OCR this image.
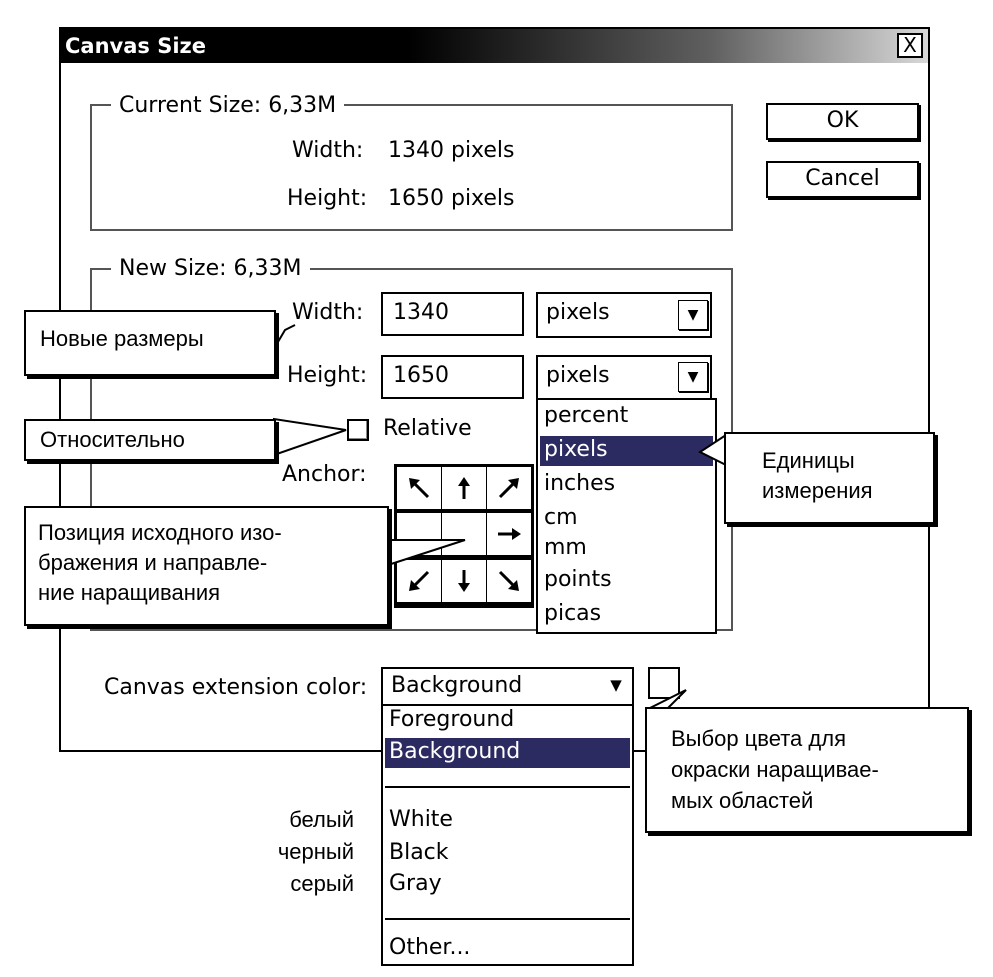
Canvas Size	X
Current Size: 6,33M
Width: 1340 pixels
Height: 1650 pixels
OK
Cancel
New Size: 6,33M
Width:	1340	pixels	▼
Height:	1650	pixels	▼
Relative
Anchor:
percent
pixels
inches
cm
mm
points
picas
Canvas extension color:	Background	▼
Foreground
Background
White
Black
Gray
Other...
белый
черный
серый
Новые размеры
Относительно
Позиция исходного изо-
бражения и направле-
ние наращивания
Единицы
измерения
Выбор цвета для
окраски наращивае-
мых областей
